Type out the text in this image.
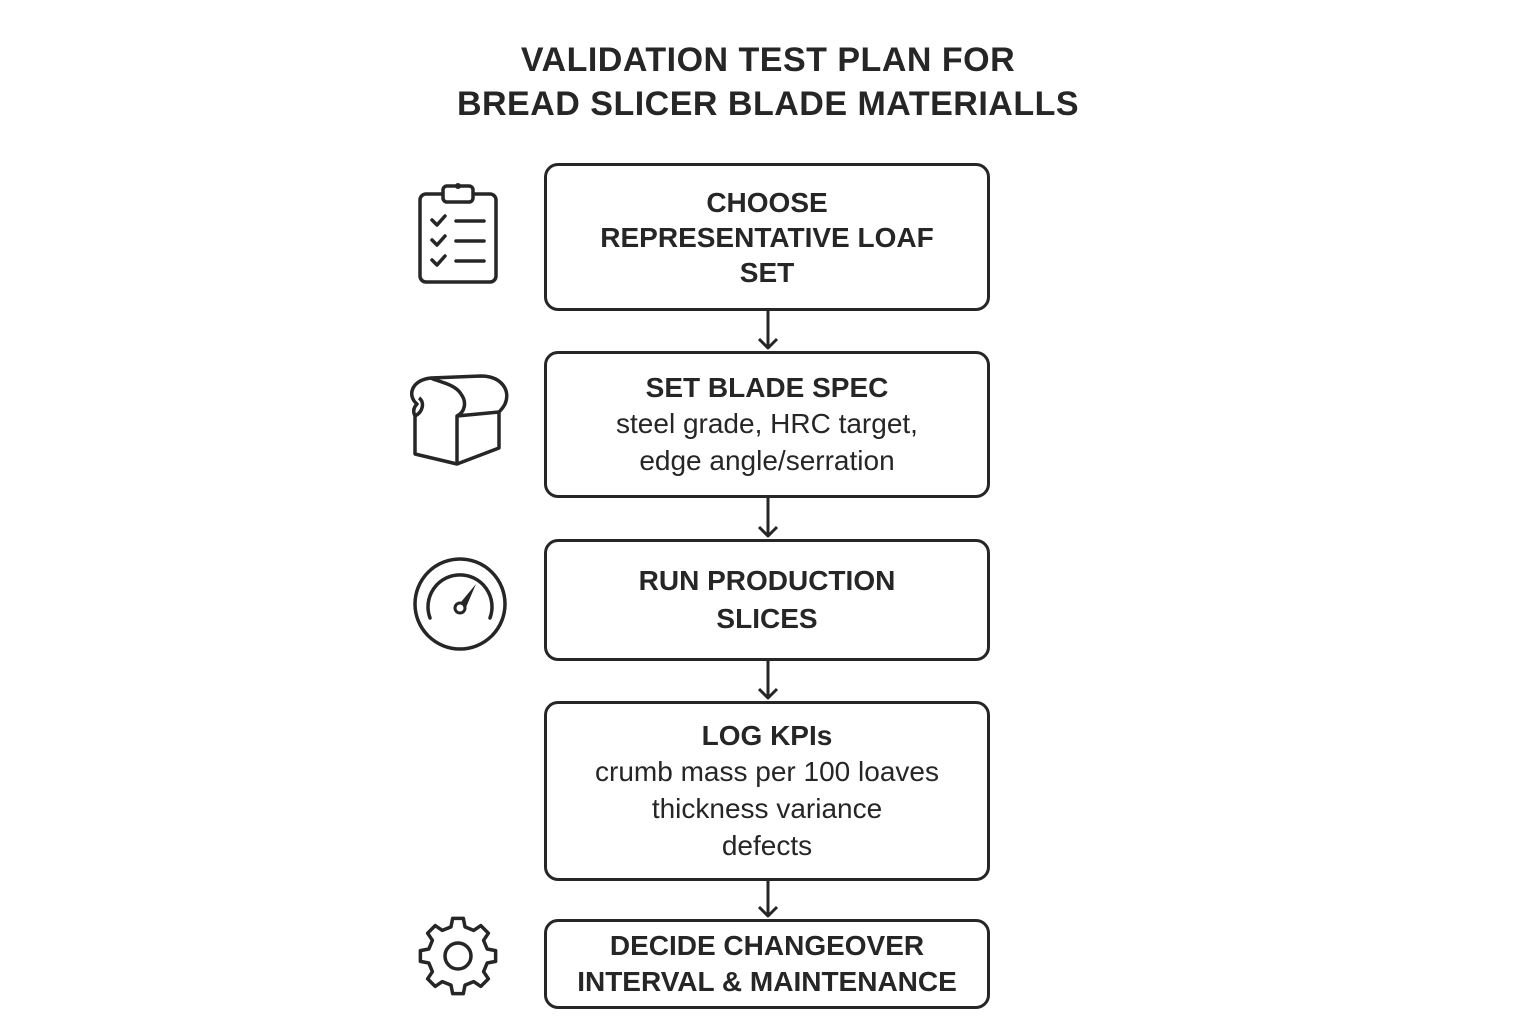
VALIDATION TEST PLAN FOR
BREAD SLICER BLADE MATERIALLS
CHOOSE
REPRESENTATIVE LOAF
SET
SET BLADE SPEC
steel grade, HRC target,
edge angle/serration
RUN PRODUCTION
SLICES
LOG KPIs
crumb mass per 100 loaves
thickness variance
defects
DECIDE CHANGEOVER
INTERVAL & MAINTENANCE
